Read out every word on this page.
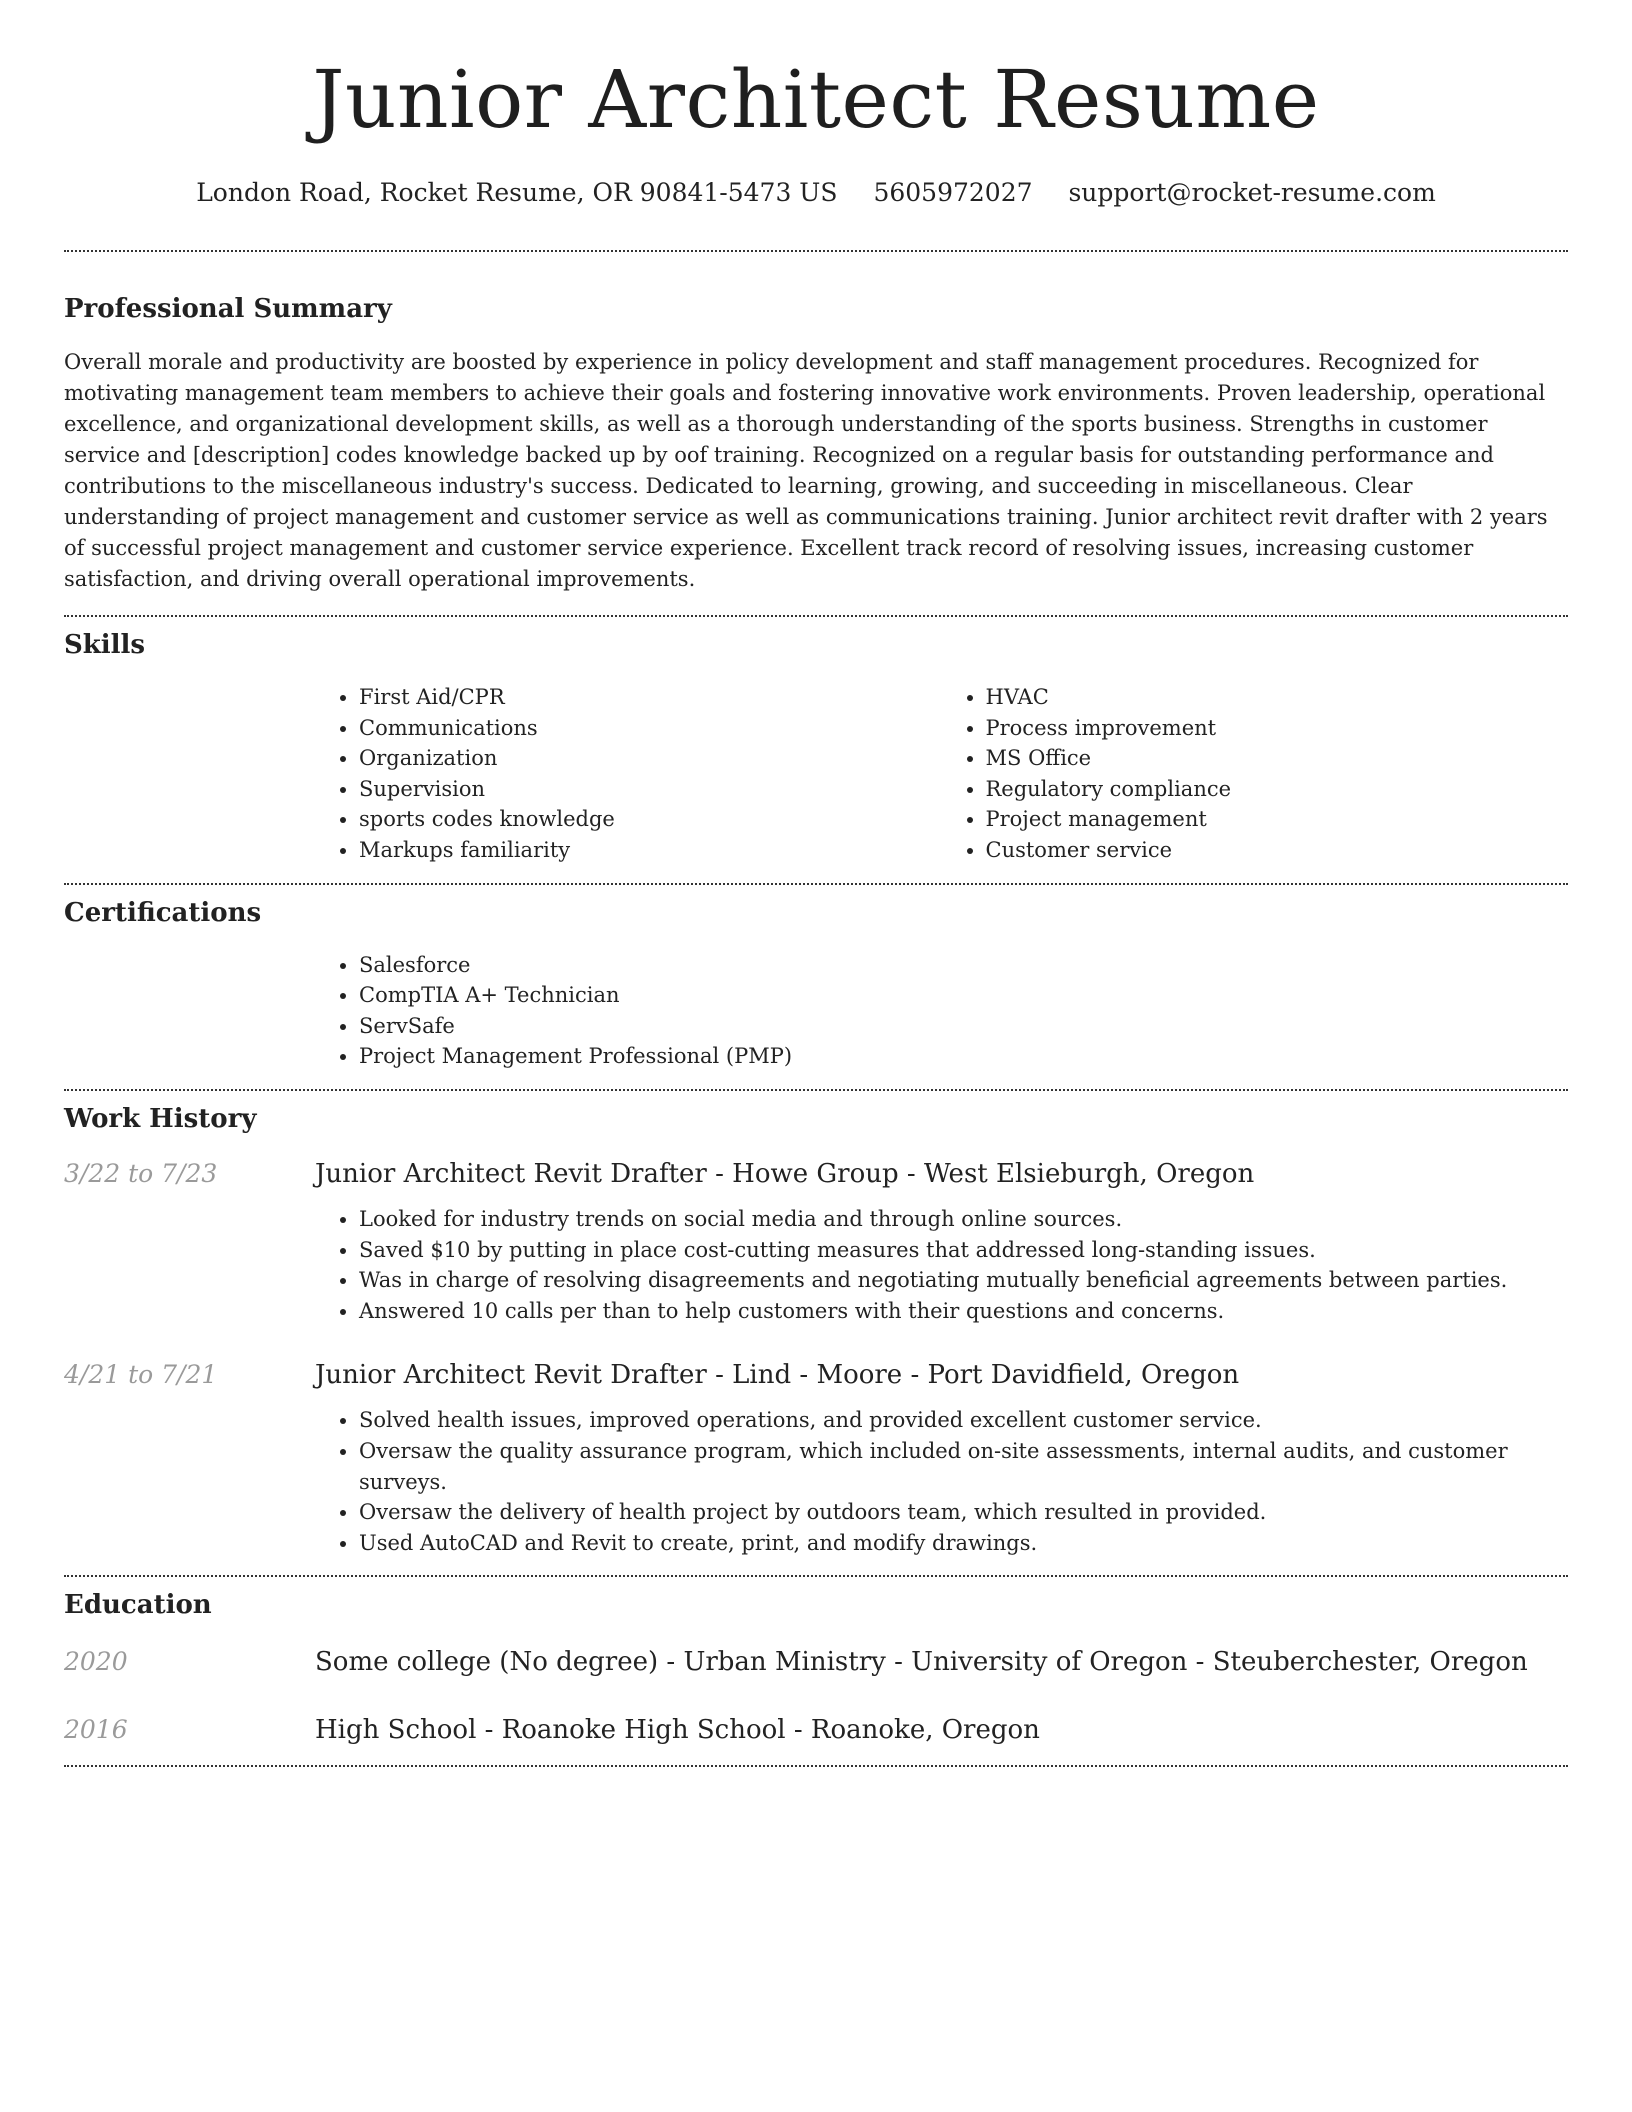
Junior Architect Resume
London Road, Rocket Resume, OR 90841-5473 US 5605972027 support@rocket-resume.com
Professional Summary

Overall morale and productivity are boosted by experience in policy development and staff management procedures. Recognized for motivating management team members to achieve their goals and fostering innovative work environments. Proven leadership, operational excellence, and organizational development skills, as well as a thorough understanding of the sports business. Strengths in customer service and [description] codes knowledge backed up by oof training. Recognized on a regular basis for outstanding performance and contributions to the miscellaneous industry's success. Dedicated to learning, growing, and succeeding in miscellaneous. Clear understanding of project management and customer service as well as communications training. Junior architect revit drafter with 2 years of successful project management and customer service experience. Excellent track record of resolving issues, increasing customer satisfaction, and driving overall operational improvements.

Skills
• First Aid/CPR
• Communications
• Organization
• Supervision
• sports codes knowledge
• Markups familiarity
• HVAC
• Process improvement
• MS Office
• Regulatory compliance
• Project management
• Customer service
Certifications
• Salesforce
• CompTIA A+ Technician
• ServSafe
• Project Management Professional (PMP)
Work History
3/22 to 7/23	Junior Architect Revit Drafter - Howe Group - West Elsieburgh, Oregon
• Looked for industry trends on social media and through online sources.
• Saved $10 by putting in place cost-cutting measures that addressed long-standing issues.
• Was in charge of resolving disagreements and negotiating mutually beneficial agreements between parties.
• Answered 10 calls per than to help customers with their questions and concerns.
4/21 to 7/21	Junior Architect Revit Drafter - Lind - Moore - Port Davidfield, Oregon
• Solved health issues, improved operations, and provided excellent customer service.
• Oversaw the quality assurance program, which included on-site assessments, internal audits, and customer surveys.
• Oversaw the delivery of health project by outdoors team, which resulted in provided.
• Used AutoCAD and Revit to create, print, and modify drawings.
Education
2020	Some college (No degree) - Urban Ministry - University of Oregon - Steuberchester, Oregon
2016	High School - Roanoke High School - Roanoke, Oregon
